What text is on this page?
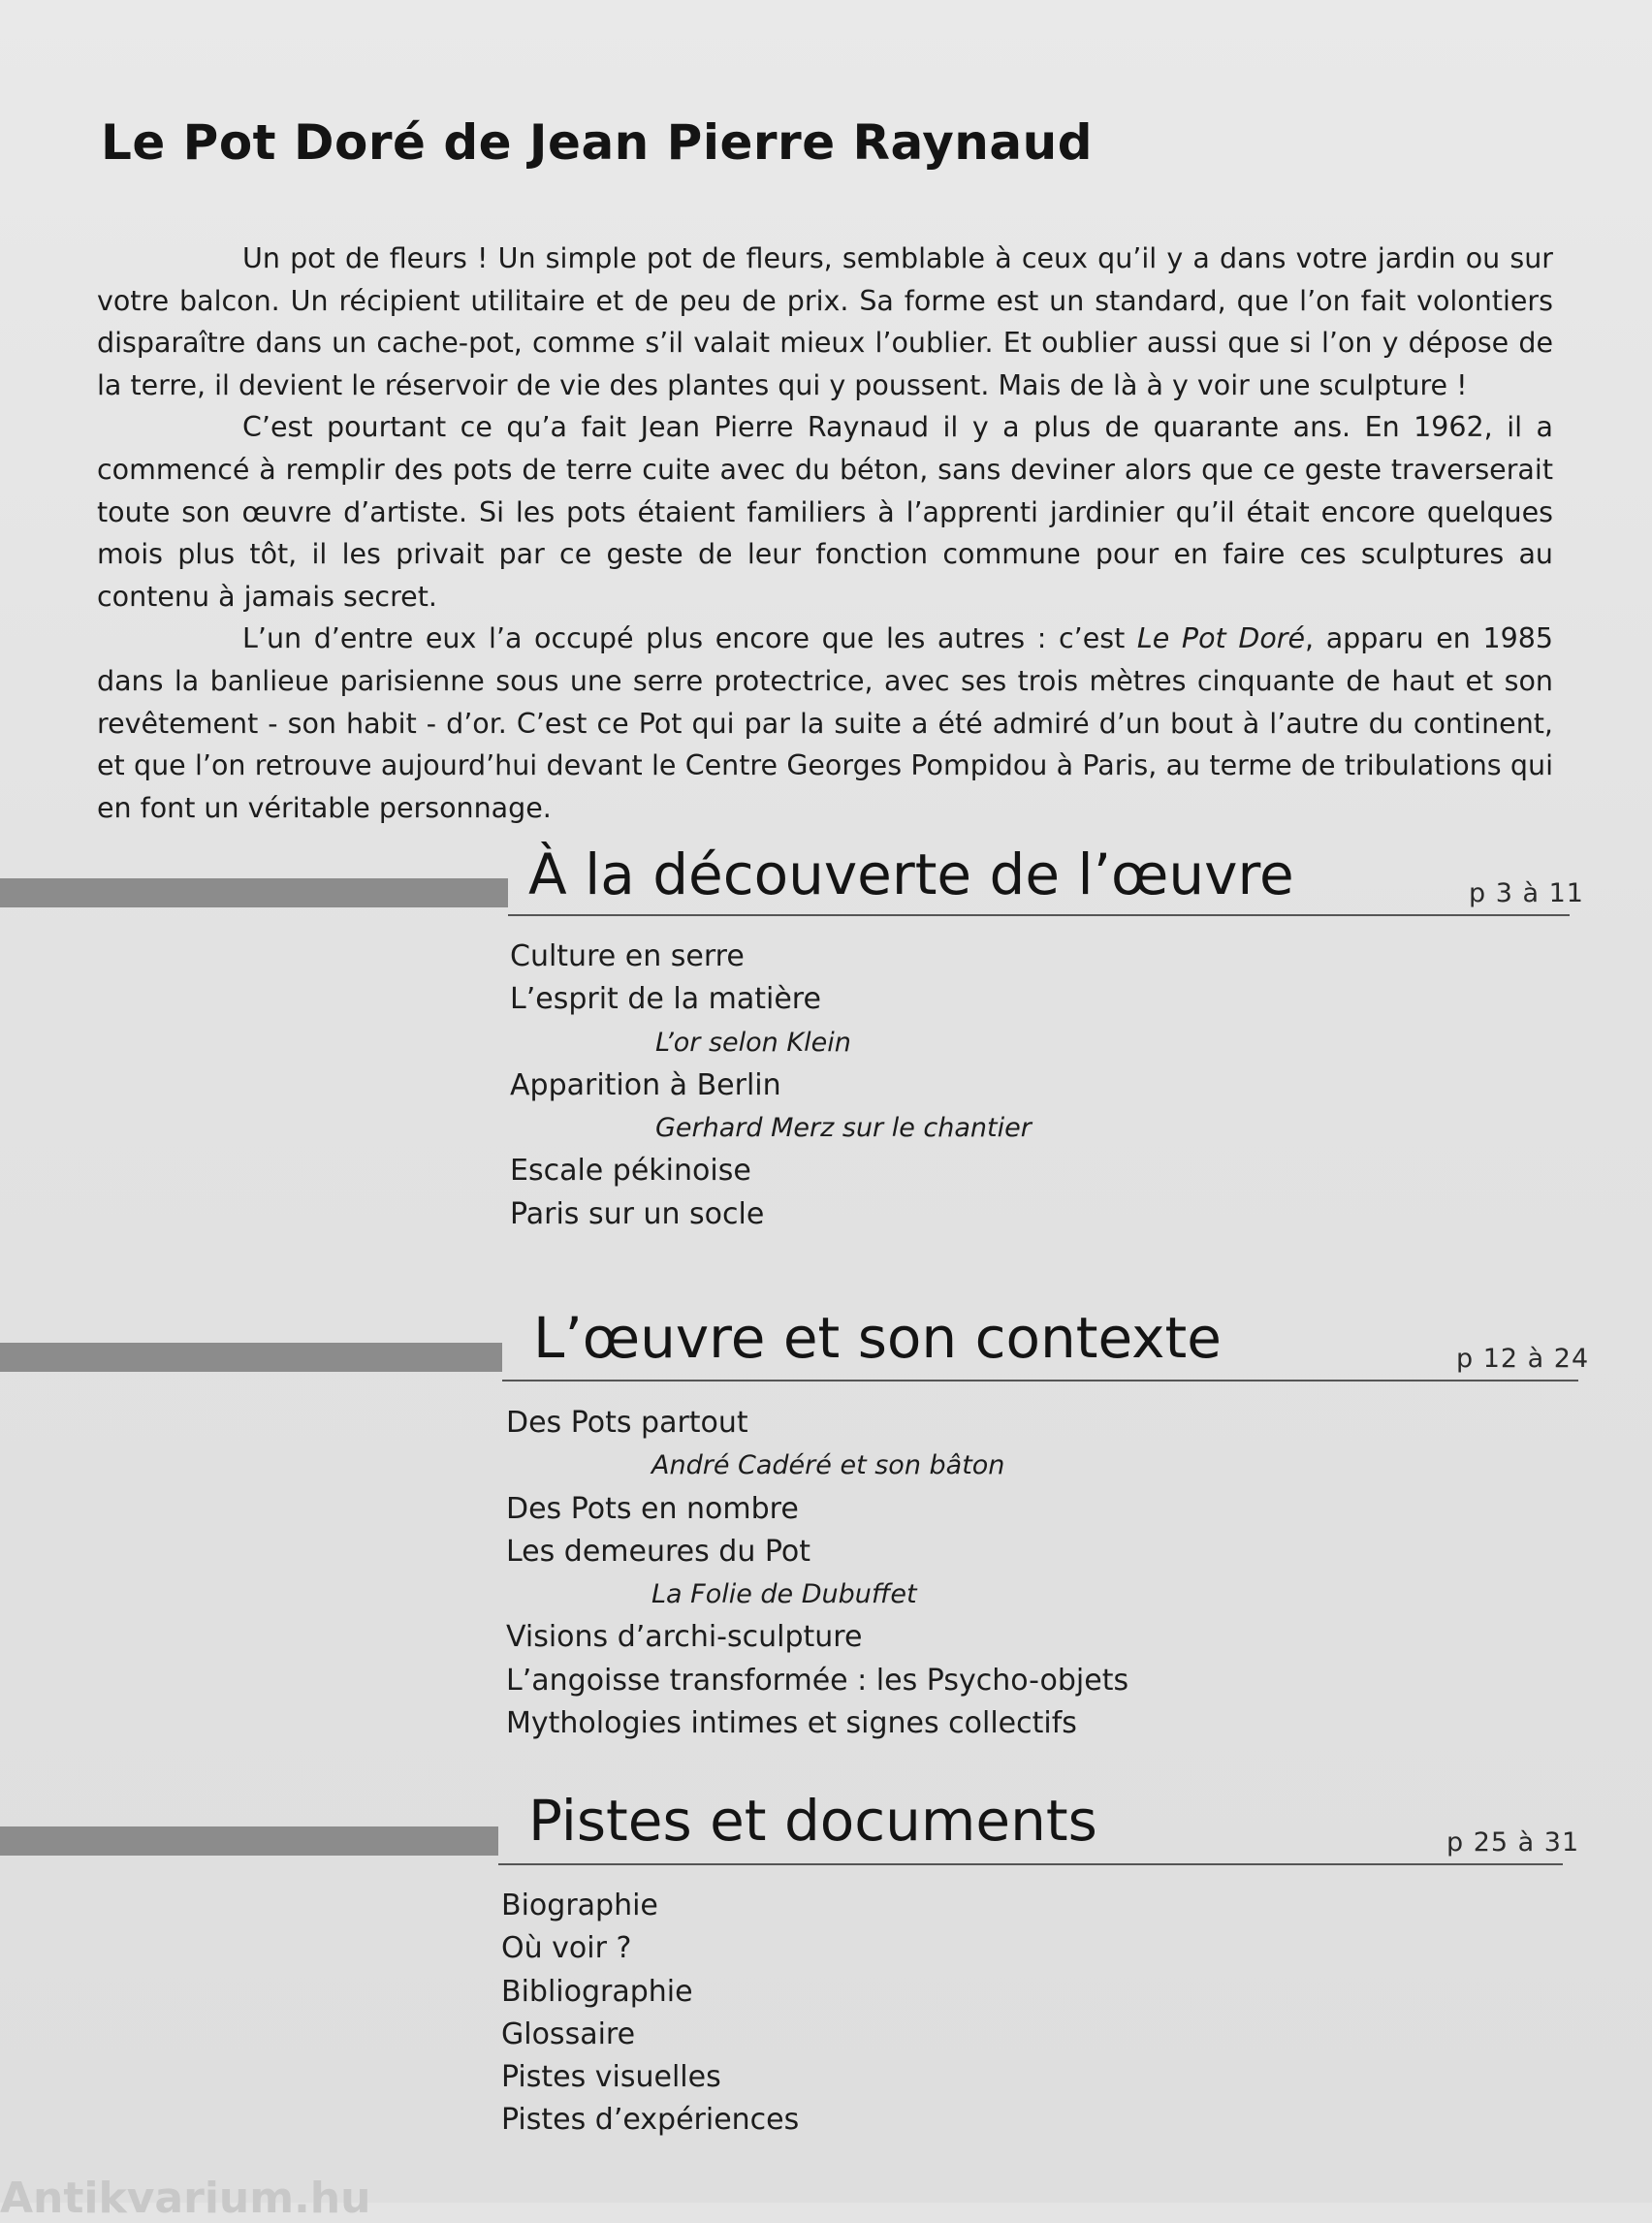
Le Pot Doré de Jean Pierre Raynaud

Un pot de fleurs ! Un simple pot de fleurs, semblable à ceux qu’il y a dans votre jardin ou sur votre balcon. Un récipient utilitaire et de peu de prix. Sa forme est un standard, que l’on fait volontiers disparaître dans un cache-pot, comme s’il valait mieux l’oublier. Et oublier aussi que si l’on y dépose de la terre, il devient le réservoir de vie des plantes qui y poussent. Mais de là à y voir une sculpture !

C’est pourtant ce qu’a fait Jean Pierre Raynaud il y a plus de quarante ans. En 1962, il a commencé à remplir des pots de terre cuite avec du béton, sans deviner alors que ce geste traverserait toute son œuvre d’artiste. Si les pots étaient familiers à l’apprenti jardinier qu’il était encore quelques mois plus tôt, il les privait par ce geste de leur fonction commune pour en faire ces sculptures au contenu à jamais secret.

L’un d’entre eux l’a occupé plus encore que les autres : c’est Le Pot Doré, apparu en 1985 dans la banlieue parisienne sous une serre protectrice, avec ses trois mètres cinquante de haut et son revêtement - son habit - d’or. C’est ce Pot qui par la suite a été admiré d’un bout à l’autre du continent, et que l’on retrouve aujourd’hui devant le Centre Georges Pompidou à Paris, au terme de tribulations qui en font un véritable personnage.

À la découverte de l’œuvre	p 3 à 11
Culture en serre
L’esprit de la matière
L’or selon Klein
Apparition à Berlin
Gerhard Merz sur le chantier
Escale pékinoise
Paris sur un socle
L’œuvre et son contexte	p 12 à 24
Des Pots partout
André Cadéré et son bâton
Des Pots en nombre
Les demeures du Pot
La Folie de Dubuffet
Visions d’archi-sculpture
L’angoisse transformée : les Psycho-objets
Mythologies intimes et signes collectifs
Pistes et documents	p 25 à 31
Biographie
Où voir ?
Bibliographie
Glossaire
Pistes visuelles
Pistes d’expériences
Antikvarium.hu
